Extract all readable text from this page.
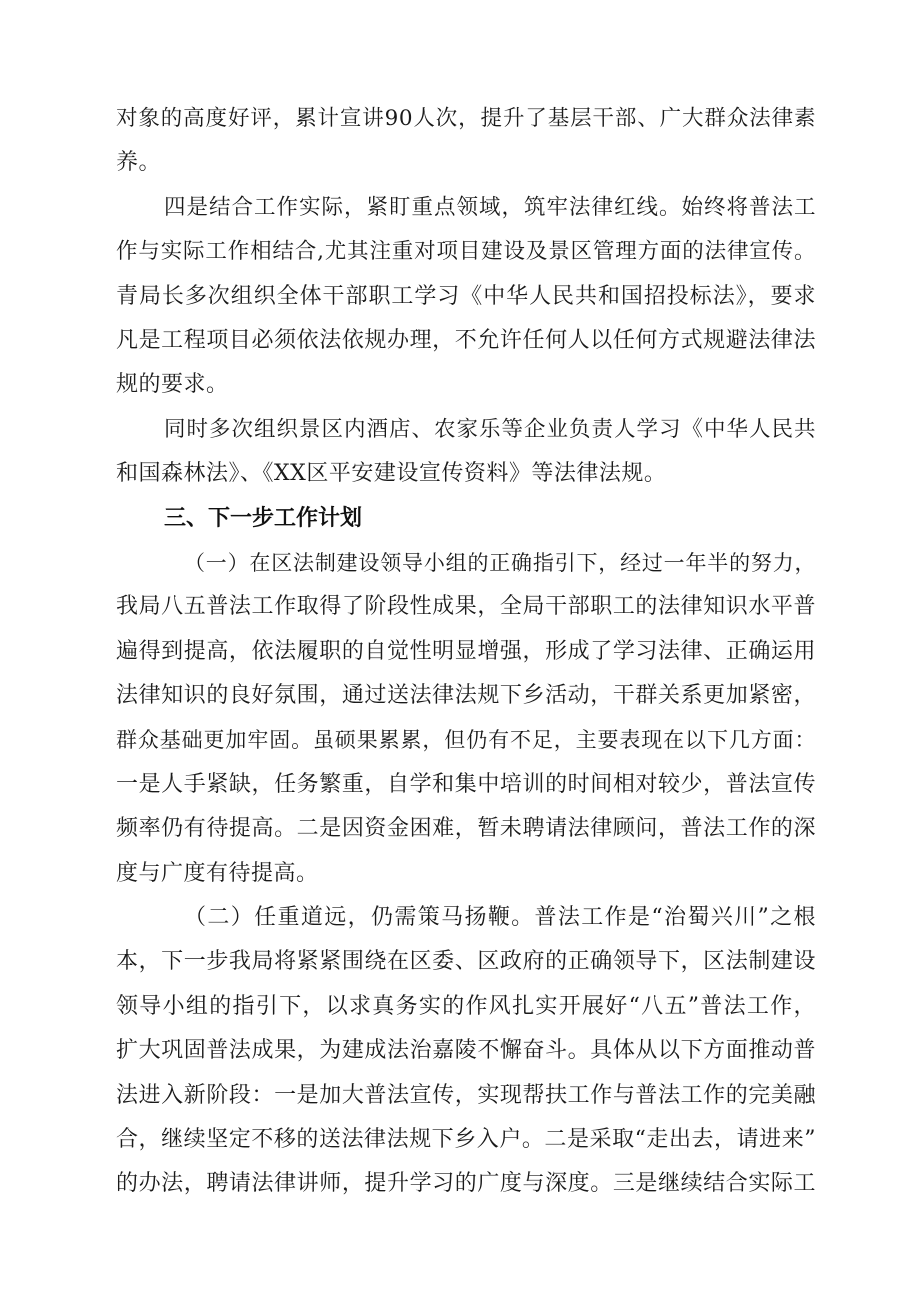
对象的高度好评，累计宣讲90人次，提升了基层干部、广大群众法律素
养。
四是结合工作实际，紧盯重点领域，筑牢法律红线。始终将普法工
作与实际工作相结合,尤其注重对项目建设及景区管理方面的法律宣传。
青局长多次组织全体干部职工学习《中华人民共和国招投标法》，要求
凡是工程项目必须依法依规办理，不允许任何人以任何方式规避法律法
规的要求。
同时多次组织景区内酒店、农家乐等企业负责人学习《中华人民共
和国森林法》、《XX区平安建设宣传资料》等法律法规。
三、下一步工作计划
（一）在区法制建设领导小组的正确指引下，经过一年半的努力，
我局八五普法工作取得了阶段性成果，全局干部职工的法律知识水平普
遍得到提高，依法履职的自觉性明显增强，形成了学习法律、正确运用
法律知识的良好氛围，通过送法律法规下乡活动，干群关系更加紧密，
群众基础更加牢固。虽硕果累累，但仍有不足，主要表现在以下几方面：
一是人手紧缺，任务繁重，自学和集中培训的时间相对较少，普法宣传
频率仍有待提高。二是因资金困难，暂未聘请法律顾问，普法工作的深
度与广度有待提高。
（二）任重道远，仍需策马扬鞭。普法工作是“治蜀兴川”之根
本，下一步我局将紧紧围绕在区委、区政府的正确领导下，区法制建设
领导小组的指引下，以求真务实的作风扎实开展好“八五”普法工作，
扩大巩固普法成果，为建成法治嘉陵不懈奋斗。具体从以下方面推动普
法进入新阶段：一是加大普法宣传，实现帮扶工作与普法工作的完美融
合，继续坚定不移的送法律法规下乡入户。二是采取“走出去，请进来”
的办法，聘请法律讲师，提升学习的广度与深度。三是继续结合实际工
